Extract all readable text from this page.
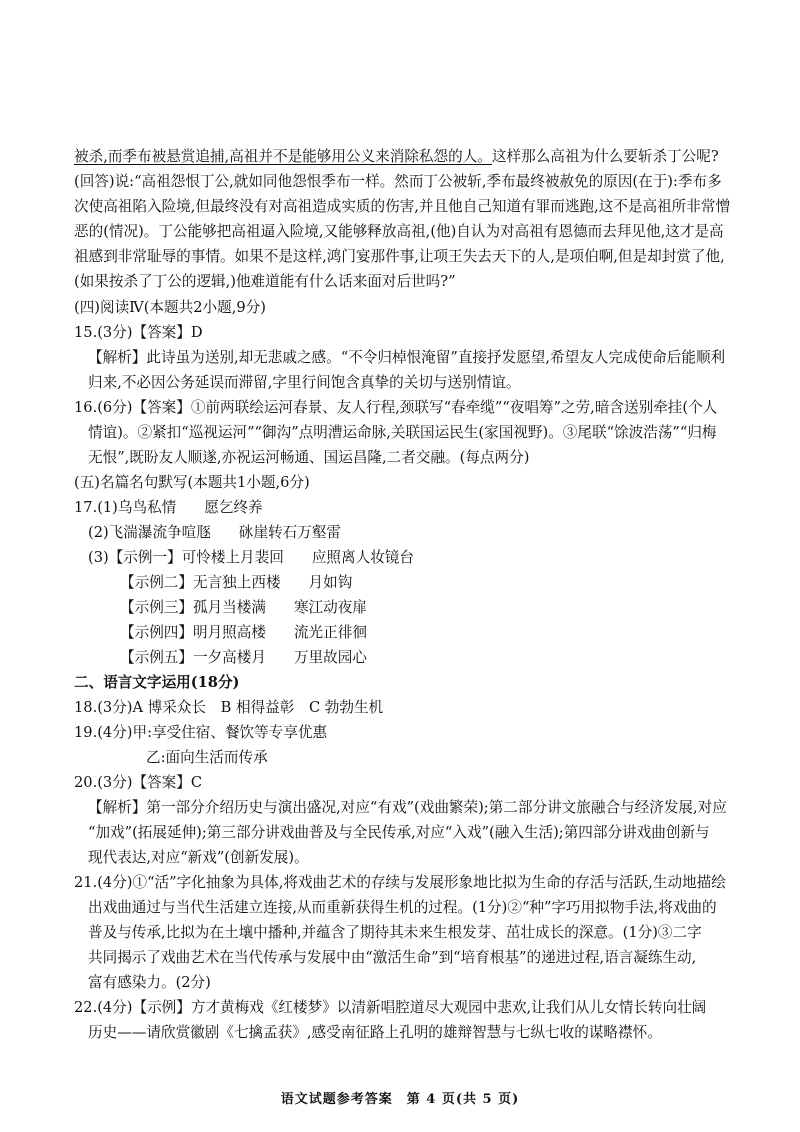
被杀,而季布被悬赏追捕,高祖并不是能够用公义来消除私怨的人。这样那么高祖为什么要斩杀丁公呢?
(回答)说:“高祖怨恨丁公,就如同他怨恨季布一样。然而丁公被斩,季布最终被赦免的原因(在于):季布多
次使高祖陷入险境,但最终没有对高祖造成实质的伤害,并且他自己知道有罪而逃跑,这不是高祖所非常憎
恶的(情况)。丁公能够把高祖逼入险境,又能够释放高祖,(他)自认为对高祖有恩德而去拜见他,这才是高
祖感到非常耻辱的事情。如果不是这样,鸿门宴那件事,让项王失去天下的人,是项伯啊,但是却封赏了他,
(如果按杀了丁公的逻辑,)他难道能有什么话来面对后世吗?”
(四)阅读Ⅳ(本题共2小题,9分)
15.(3分)【答案】D
【解析】此诗虽为送别,却无悲戚之感。“不令归棹恨淹留”直接抒发愿望,希望友人完成使命后能顺利
归来,不必因公务延误而滞留,字里行间饱含真挚的关切与送别情谊。
16.(6分)【答案】①前两联绘运河春景、友人行程,颈联写“春牵缆”“夜唱筹”之劳,暗含送别牵挂(个人
情谊)。②紧扣“巡视运河”“御沟”点明漕运命脉,关联国运民生(家国视野)。③尾联“馀波浩荡”“归梅
无恨”,既盼友人顺遂,亦祝运河畅通、国运昌隆,二者交融。(每点两分)
(五)名篇名句默写(本题共1小题,6分)
17.(1)乌鸟私情 愿乞终养
(2)飞湍瀑流争喧豗 砯崖转石万壑雷
(3)【示例一】可怜楼上月裴回 应照离人妆镜台
【示例二】无言独上西楼 月如钩
【示例三】孤月当楼满 寒江动夜扉
【示例四】明月照高楼 流光正徘徊
【示例五】一夕高楼月 万里故园心
二、语言文字运用(18分)
18.(3分)A 博采众长　B 相得益彰　C 勃勃生机
19.(4分)甲:享受住宿、餐饮等专享优惠
乙:面向生活而传承
20.(3分)【答案】C
【解析】第一部分介绍历史与演出盛况,对应“有戏”(戏曲繁荣);第二部分讲文旅融合与经济发展,对应
“加戏”(拓展延伸);第三部分讲戏曲普及与全民传承,对应“入戏”(融入生活);第四部分讲戏曲创新与
现代表达,对应“新戏”(创新发展)。
21.(4分)①“活”字化抽象为具体,将戏曲艺术的存续与发展形象地比拟为生命的存活与活跃,生动地描绘
出戏曲通过与当代生活建立连接,从而重新获得生机的过程。(1分)②“种”字巧用拟物手法,将戏曲的
普及与传承,比拟为在土壤中播种,并蕴含了期待其未来生根发芽、茁壮成长的深意。(1分)③二字
共同揭示了戏曲艺术在当代传承与发展中由“激活生命”到“培育根基”的递进过程,语言凝练生动,
富有感染力。(2分)
22.(4分)【示例】方才黄梅戏《红楼梦》以清新唱腔道尽大观园中悲欢,让我们从儿女情长转向壮阔
历史——请欣赏徽剧《七擒孟获》,感受南征路上孔明的雄辩智慧与七纵七收的谋略襟怀。
语文试题参考答案　第 4 页(共 5 页)
